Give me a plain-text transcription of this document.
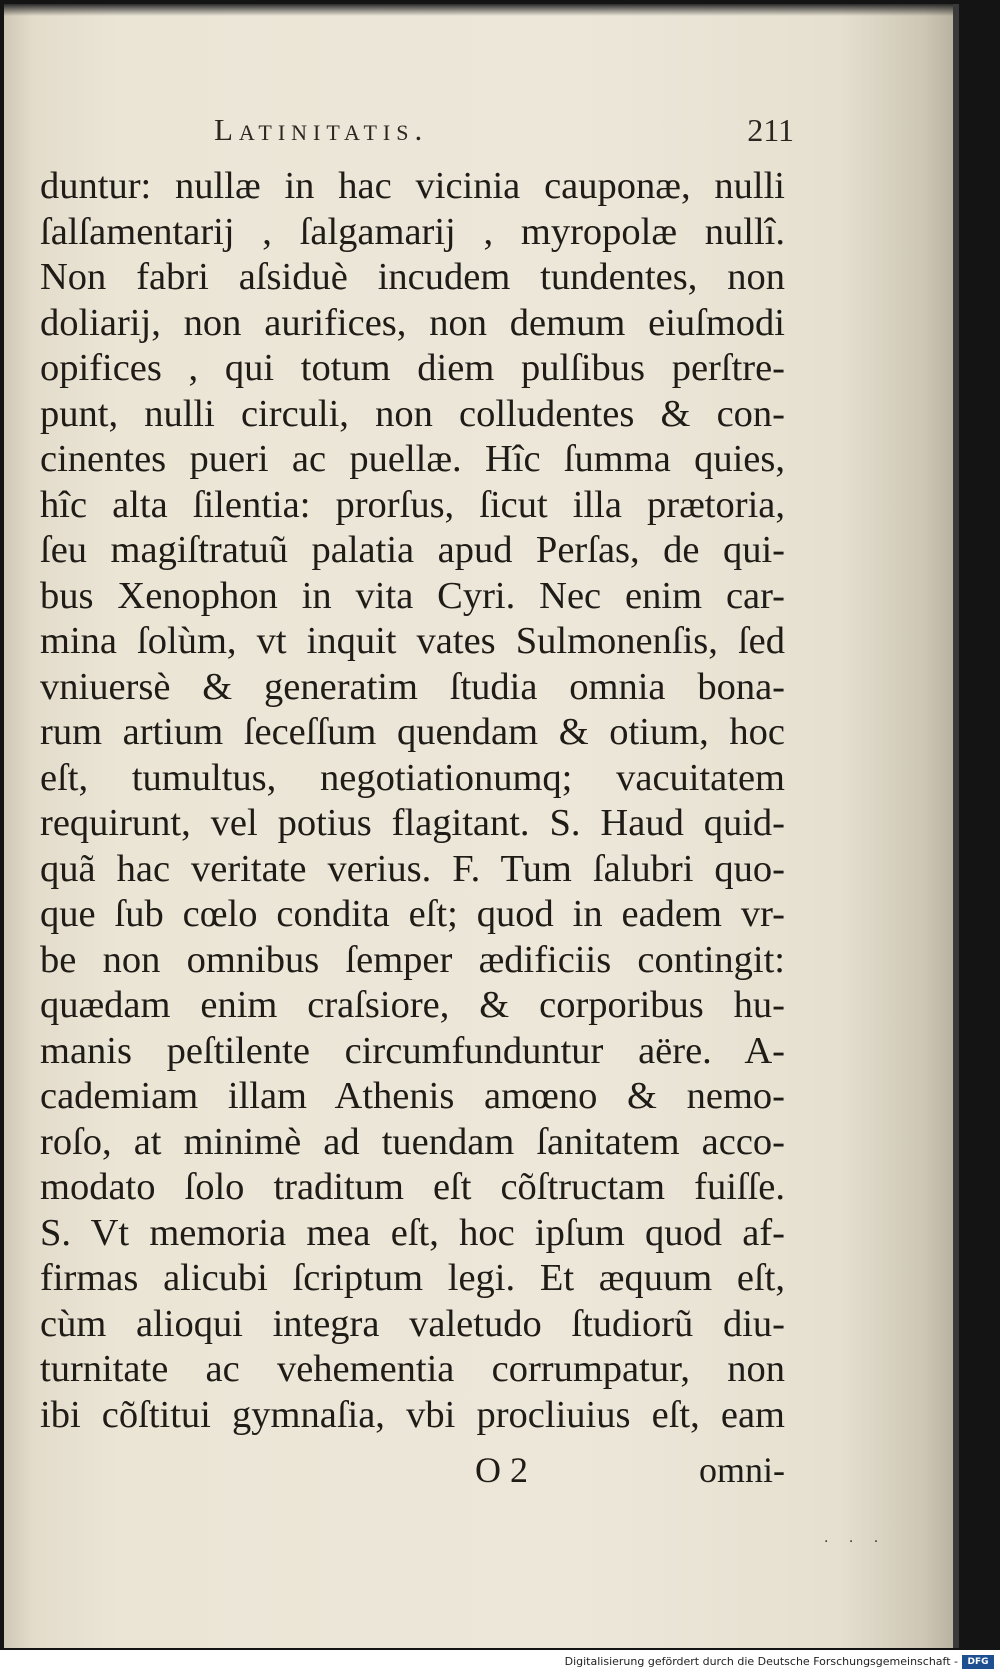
Latinitatis.	211
duntur: nullæ in hac vicinia cauponæ, nulli
ſalſamentarij , ſalgamarij , myropolæ nullî.
Non fabri aſsiduè incudem tundentes, non
doliarij, non aurifices, non demum eiuſmodi
opifices , qui totum diem pulſibus perſtre-
punt, nulli circuli, non colludentes & con-
cinentes pueri ac puellæ. Hîc ſumma quies,
hîc alta ſilentia: prorſus, ſicut illa prætoria,
ſeu magiſtratuũ palatia apud Perſas, de qui-
bus Xenophon in vita Cyri. Nec enim car-
mina ſolùm, vt inquit vates Sulmonenſis, ſed
vniuersè & generatim ſtudia omnia bona-
rum artium ſeceſſum quendam & otium, hoc
eſt, tumultus, negotiationumq; vacuitatem
requirunt, vel potius flagitant. S. Haud quid-
quã hac veritate verius. F. Tum ſalubri quo-
que ſub cœlo condita eſt; quod in eadem vr-
be non omnibus ſemper ædificiis contingit:
quædam enim craſsiore, & corporibus hu-
manis peſtilente circumfunduntur aëre. A-
cademiam illam Athenis amœno & nemo-
roſo, at minimè ad tuendam ſanitatem acco-
modato ſolo traditum eſt cõſtructam fuiſſe.
S. Vt memoria mea eſt, hoc ipſum quod af-
firmas alicubi ſcriptum legi. Et æquum eſt,
cùm alioqui integra valetudo ſtudiorũ diu-
turnitate ac vehementia corrumpatur, non
ibi cõſtitui gymnaſia, vbi procliuius eſt, eam
O 2	omni-
· · ·
Digitalisierung gefördert durch die Deutsche Forschungsgemeinschaft -	DFG
